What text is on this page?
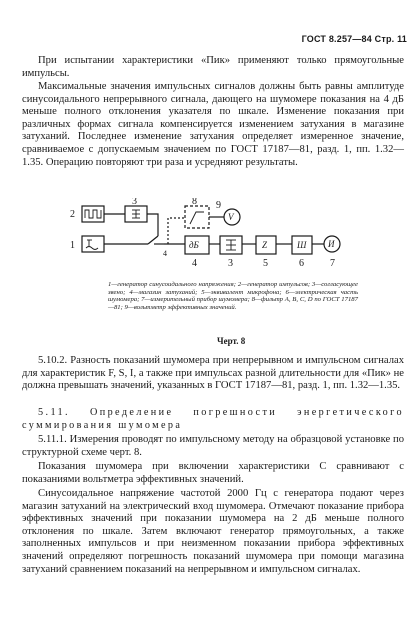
ГОСТ 8.257—84 Стр. 11

При испытании характеристики «Пик» применяют только прямоугольные импульсы.

Максимальные значения импульсных сигналов должны быть равны амплитуде синусоидального непрерывного сигнала, дающего на шумомере показания на 4 дБ меньше полного отклонения указателя по шкале. Изменение показания при различных формах сигнала компенсируется изменением затухания в магазине затуханий. Последнее изменение затухания определяет измеренное значение, сравниваемое с допускаемым значением по ГОСТ 17187—81, разд. 1, пп. 1.32—1.35. Операцию повторяют три раза и усредняют результаты.

2
1
3	8 9
4	3	5	6	7
4
дБ	Z	Ш
V
И

1—генератор синусоидального напряжения; 2—генератор импульсов; 3—согласующее звено; 4—магазин затуханий; 5—эквивалент микрофона; 6—электрическая часть шумомера; 7—измерительный прибор шумомера; 8—фильтр А, В, С, D по ГОСТ 17187—81; 9—вольтметр эффективных значений.

Черт. 8

5.10.2. Разность показаний шумомера при непрерывном и импульсном сигналах для характеристик F, S, I, а также при импульсах разной длительности для «Пик» не должна превышать значений, указанных в ГОСТ 17187—81, разд. 1, пп. 1.32—1.35.

5.11. Определение погрешности энергетического суммирования шумомера

5.11.1. Измерения проводят по импульсному методу на образцовой установке по структурной схеме черт. 8.

Показания шумомера при включении характеристики С сравнивают с показаниями вольтметра эффективных значений.

Синусоидальное напряжение частотой 2000 Гц с генератора подают через магазин затуханий на электрический вход шумомера. Отмечают показание прибора эффективных значений при показании шумомера на 2 дБ меньше полного отклонения по шкале. Затем включают генератор прямоугольных, а также заполненных импульсов и при неизменном показании прибора эффективных значений определяют погрешность показаний шумомера при помощи магазина затуханий сравнением показаний на непрерывном и импульсном сигналах.
